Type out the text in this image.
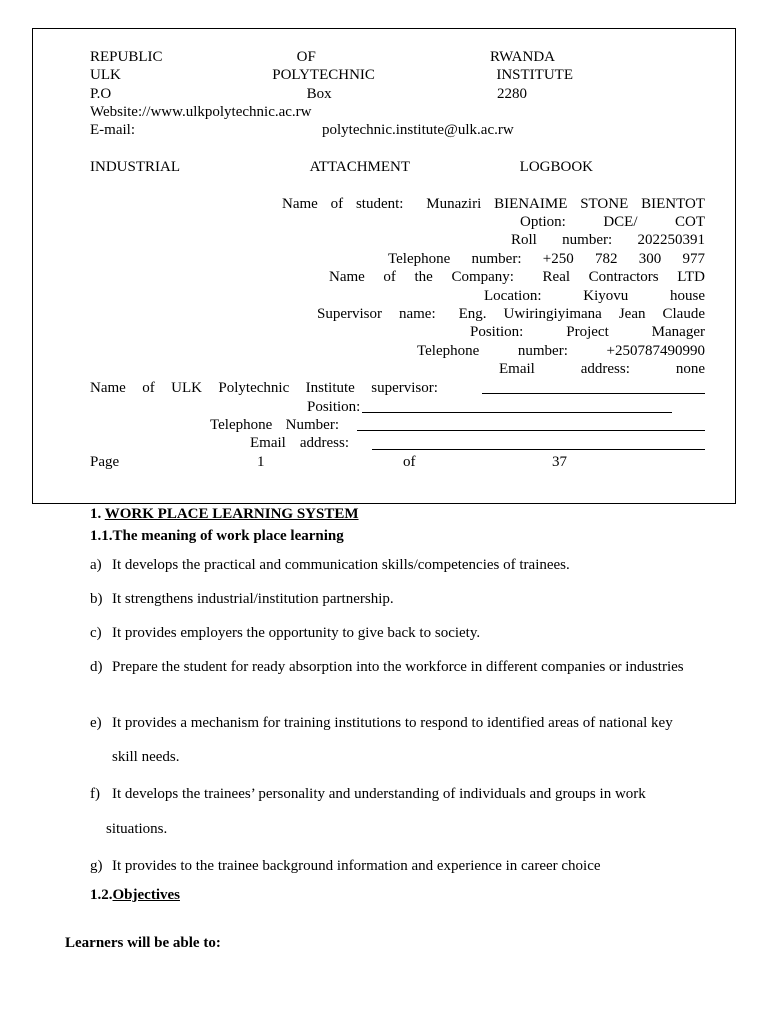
REPUBLIC	OF	RWANDA
ULK	POLYTECHNIC	INSTITUTE
P.O	Box	2280
Website://www.ulkpolytechnic.ac.rw
E-mail:	polytechnic.institute@ulk.ac.rw
INDUSTRIAL	ATTACHMENT	LOGBOOK
Name of student: Munaziri BIENAIME STONE BIENTOT
Option: DCE/ COT
Roll number: 202250391
Telephone number: +250 782 300 977
Name of the Company: Real Contractors LTD
Location:	Kiyovu	house
Supervisor name: Eng. Uwiringiyimana Jean Claude
Position:	Project	Manager
Telephone	number:	+250787490990
Email	address:	none
Name of ULK Polytechnic Institute supervisor:
Position:
Telephone Number:
Email address:
Page	1	of	37
1. WORK PLACE LEARNING SYSTEM
1.1.The meaning of work place learning
a) It develops the practical and communication skills/competencies of trainees.
b) It strengthens industrial/institution partnership.
c) It provides employers the opportunity to give back to society.
d) Prepare the student for ready absorption into the workforce in different companies or industries
e) It provides a mechanism for training institutions to respond to identified areas of national key
skill needs.
f) It develops the trainees’ personality and understanding of individuals and groups in work
situations.
g) It provides to the trainee background information and experience in career choice
1.2.Objectives
Learners will be able to:
